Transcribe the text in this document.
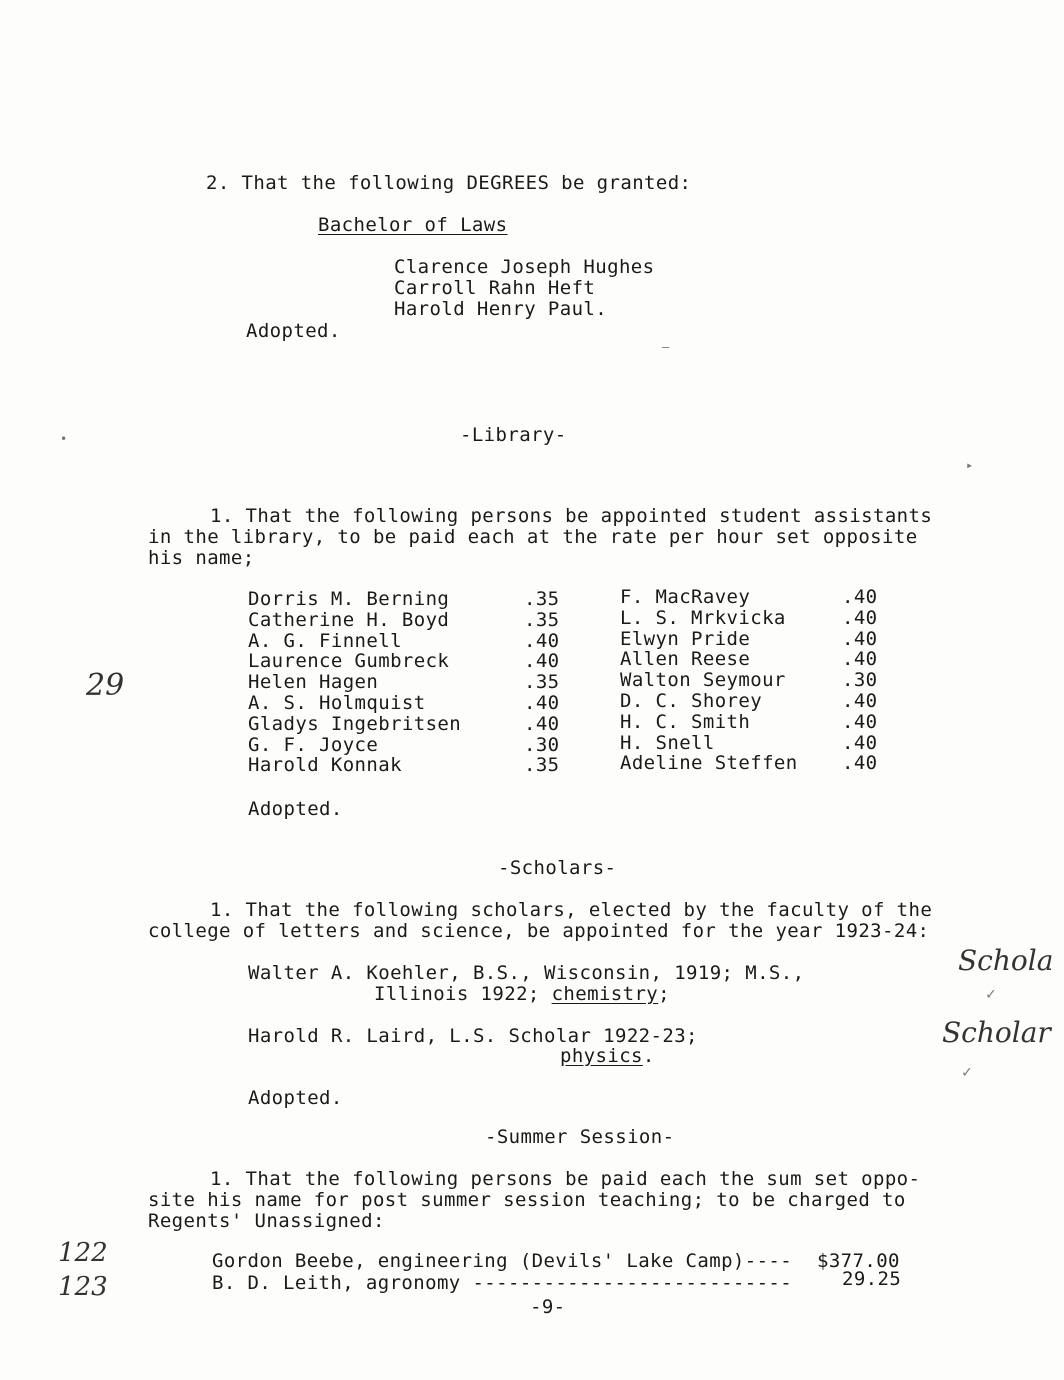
2. That the following DEGREES be granted:
Bachelor of Laws
Clarence Joseph Hughes
Carroll Rahn Heft
Harold Henry Paul.
Adopted.
-Library-
1. That the following persons be appointed student assistants
in the library, to be paid each at the rate per hour set opposite
his name;
Dorris M. Berning	.35
Catherine H. Boyd	.35
A. G. Finnell	.40
Laurence Gumbreck	.40
Helen Hagen	.35
A. S. Holmquist	.40
Gladys Ingebritsen	.40
G. F. Joyce	.30
Harold Konnak	.35
F. MacRavey	.40
L. S. Mrkvicka	.40
Elwyn Pride	.40
Allen Reese	.40
Walton Seymour	.30
D. C. Shorey	.40
H. C. Smith	.40
H. Snell	.40
Adeline Steffen .40
Adopted.
-Scholars-
1. That the following scholars, elected by the faculty of the
college of letters and science, be appointed for the year 1923-24:
Walter A. Koehler, B.S., Wisconsin, 1919; M.S.,
Illinois 1922; chemistry;
Harold R. Laird, L.S. Scholar 1922-23;
physics.
Adopted.
-Summer Session-
1. That the following persons be paid each the sum set oppo-
site his name for post summer session teaching; to be charged to
Regents' Unassigned:
Gordon Beebe, engineering (Devils' Lake Camp)---- $377.00
B. D. Leith, agronomy ---------------------------	29.25
-9-
29
122
123
Schola
Scholar
✓
✓
•
–
▸
